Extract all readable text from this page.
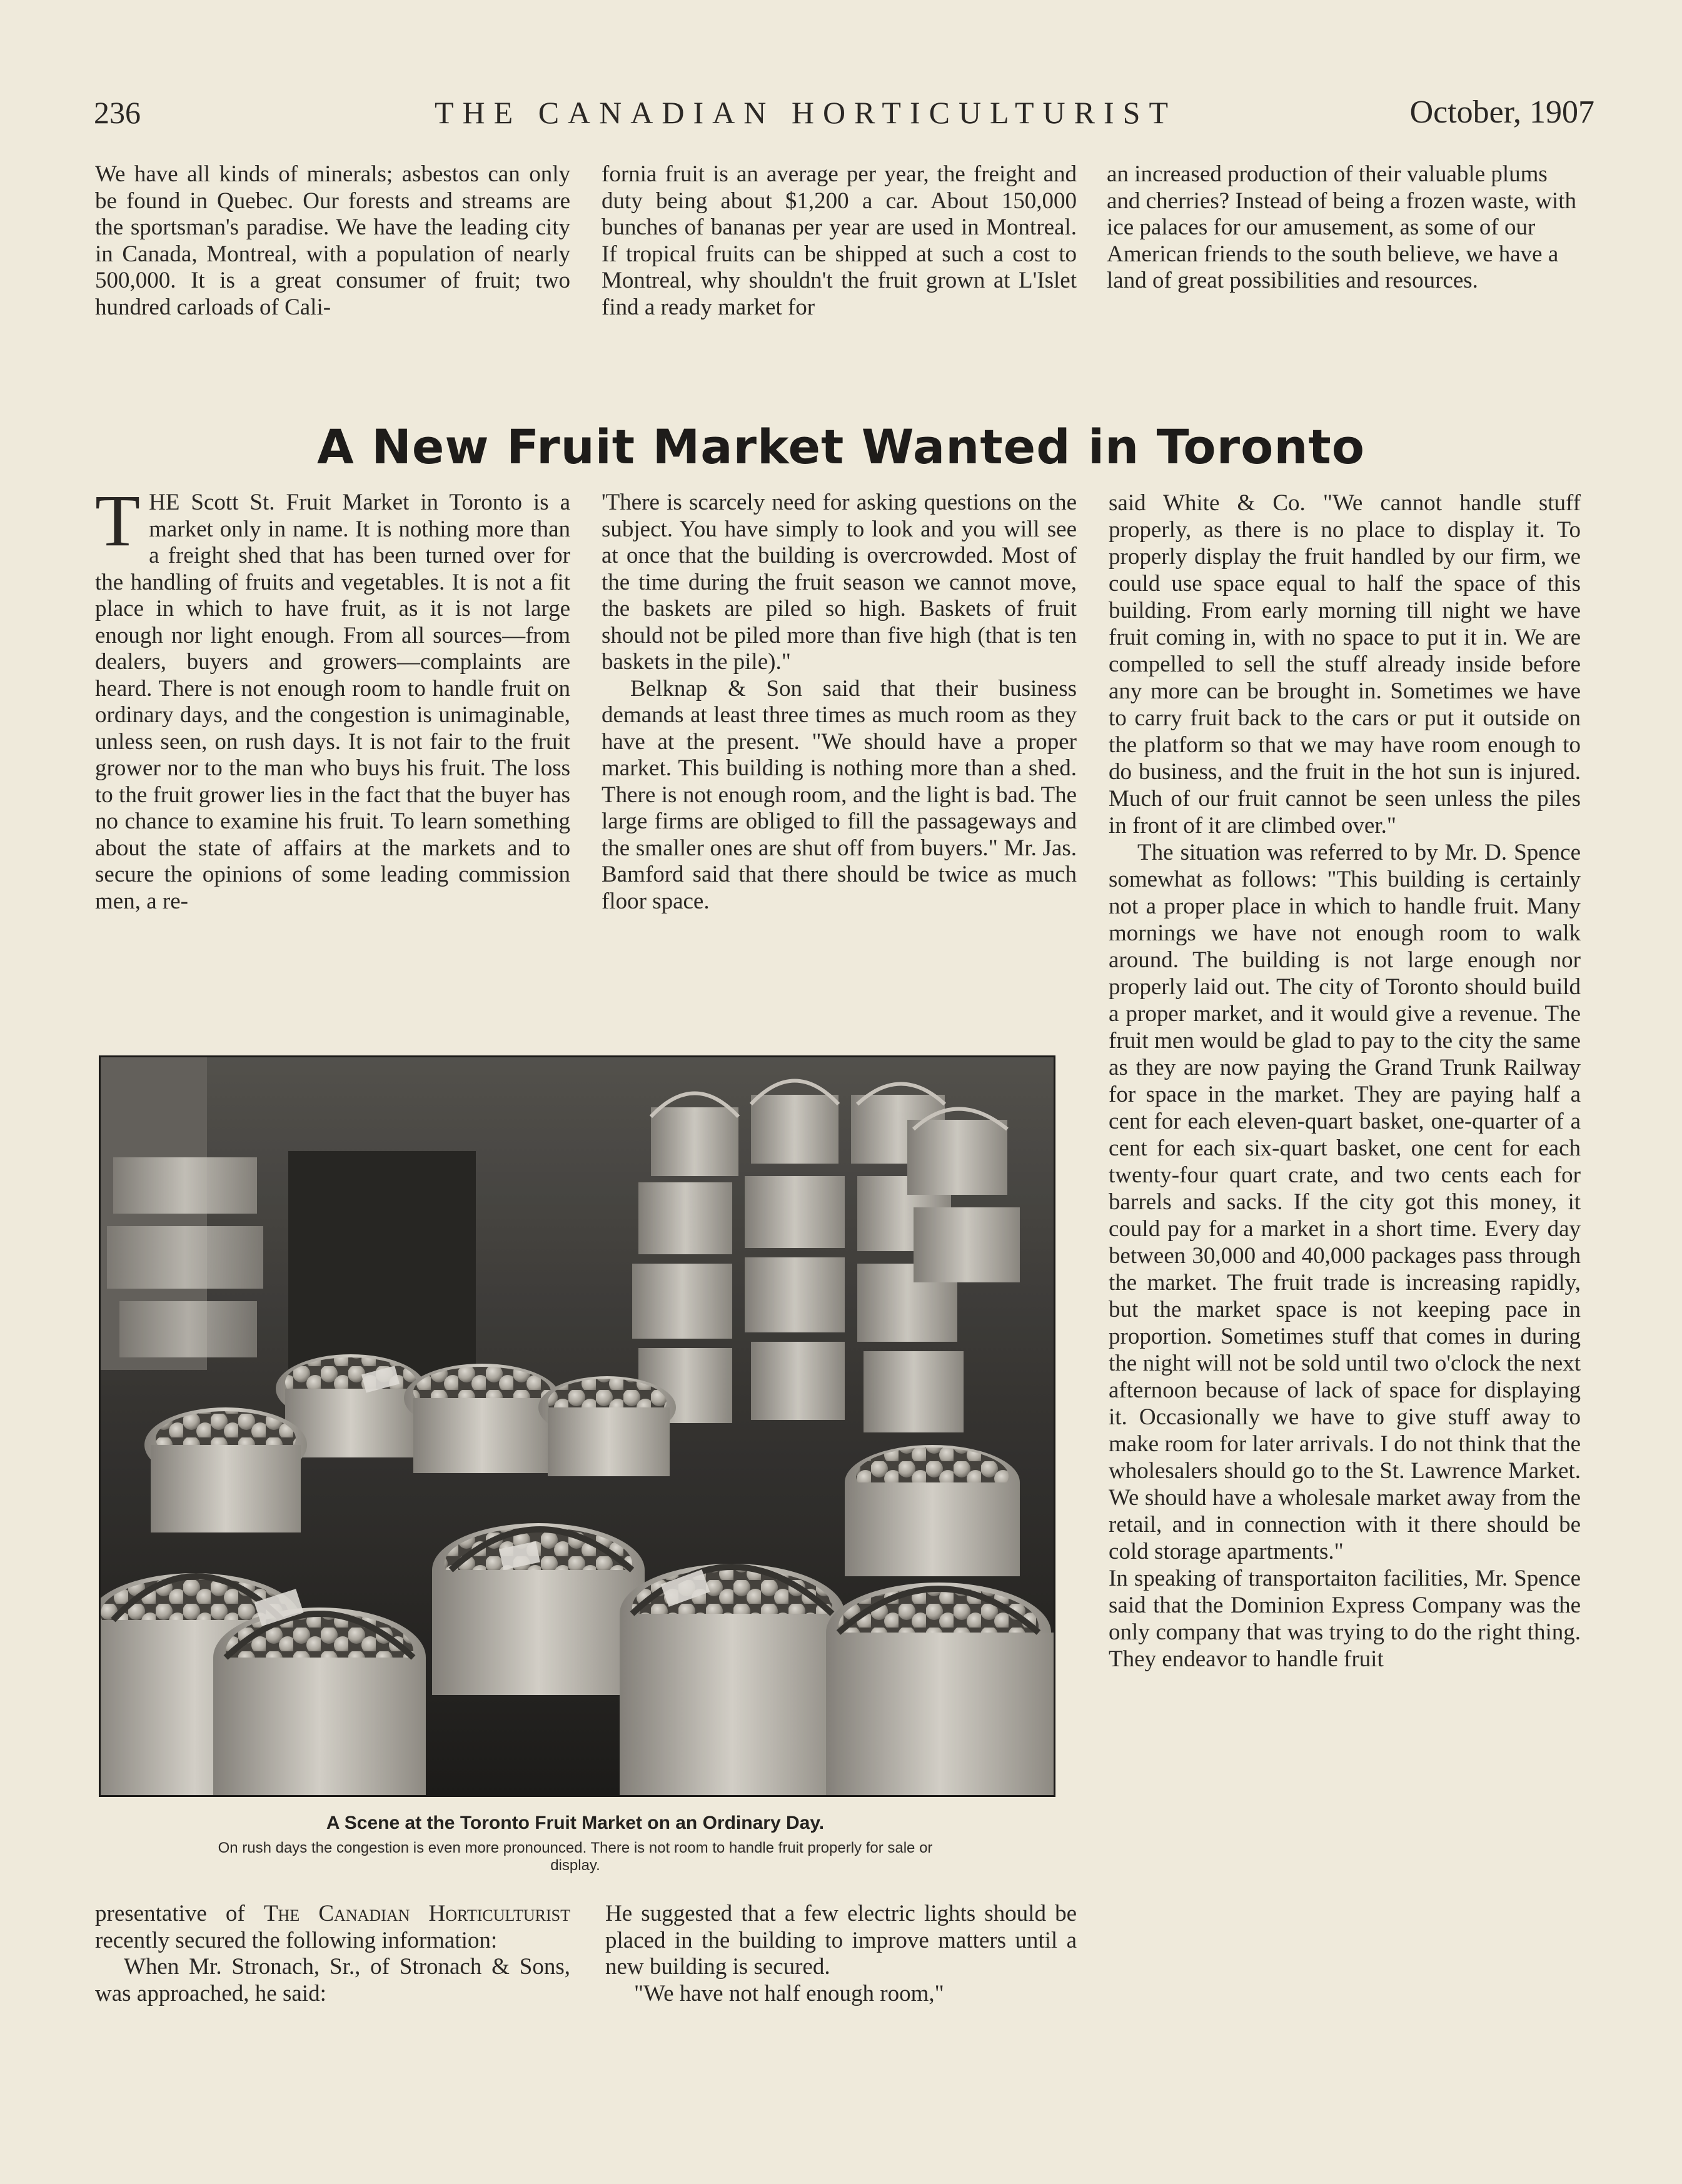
236	THE CANADIAN HORTICULTURIST	October, 1907

We have all kinds of minerals; asbestos can only be found in Quebec. Our forests and streams are the sportsman's paradise. We have the leading city in Canada, Montreal, with a population of nearly 500,000. It is a great consumer of fruit; two hundred carloads of Cali-

fornia fruit is an average per year, the freight and duty being about $1,200 a car. About 150,000 bunches of bananas per year are used in Montreal. If tropical fruits can be shipped at such a cost to Montreal, why shouldn't the fruit grown at L'Islet find a ready market for

an increased production of their valuable plums and cherries? Instead of being a frozen waste, with ice palaces for our amusement, as some of our American friends to the south believe, we have a land of great possibilities and resources.

A New Fruit Market Wanted in Toronto

THE Scott St. Fruit Market in Toronto is a market only in name. It is nothing more than a freight shed that has been turned over for the handling of fruits and vegetables. It is not a fit place in which to have fruit, as it is not large enough nor light enough. From all sources—from dealers, buyers and growers—complaints are heard. There is not enough room to handle fruit on ordinary days, and the congestion is unimaginable, unless seen, on rush days. It is not fair to the fruit grower nor to the man who buys his fruit. The loss to the fruit grower lies in the fact that the buyer has no chance to examine his fruit. To learn something about the state of affairs at the markets and to secure the opinions of some leading commission men, a re-

'There is scarcely need for asking questions on the subject. You have simply to look and you will see at once that the building is overcrowded. Most of the time during the fruit season we cannot move, the baskets are piled so high. Baskets of fruit should not be piled more than five high (that is ten baskets in the pile)."

Belknap & Son said that their business demands at least three times as much room as they have at the present. "We should have a proper market. This building is nothing more than a shed. There is not enough room, and the light is bad. The large firms are obliged to fill the passageways and the smaller ones are shut off from buyers." Mr. Jas. Bamford said that there should be twice as much floor space.

said White & Co. "We cannot handle stuff properly, as there is no place to display it. To properly display the fruit handled by our firm, we could use space equal to half the space of this building. From early morning till night we have fruit coming in, with no space to put it in. We are compelled to sell the stuff already inside before any more can be brought in. Sometimes we have to carry fruit back to the cars or put it outside on the platform so that we may have room enough to do business, and the fruit in the hot sun is injured. Much of our fruit cannot be seen unless the piles in front of it are climbed over."

The situation was referred to by Mr. D. Spence somewhat as follows: "This building is certainly not a proper place in which to handle fruit. Many mornings we have not enough room to walk around. The building is not large enough nor properly laid out. The city of Toronto should build a proper market, and it would give a revenue. The fruit men would be glad to pay to the city the same as they are now paying the Grand Trunk Railway for space in the market. They are paying half a cent for each eleven-quart basket, one-quarter of a cent for each six-quart basket, one cent for each twenty-four quart crate, and two cents each for barrels and sacks. If the city got this money, it could pay for a market in a short time. Every day between 30,000 and 40,000 packages pass through the market. The fruit trade is increasing rapidly, but the market space is not keeping pace in proportion. Sometimes stuff that comes in during the night will not be sold until two o'clock the next afternoon because of lack of space for displaying it. Occasionally we have to give stuff away to make room for later arrivals. I do not think that the wholesalers should go to the St. Lawrence Market. We should have a wholesale market away from the retail, and in connection with it there should be cold storage apartments."

In speaking of transportaiton facilities, Mr. Spence said that the Dominion Express Company was the only company that was trying to do the right thing. They endeavor to handle fruit

A Scene at the Toronto Fruit Market on an Ordinary Day.
On rush days the congestion is even more pronounced. There is not room to handle fruit properly for sale or display.

presentative of The Canadian Horticulturist recently secured the following information:

When Mr. Stronach, Sr., of Stronach & Sons, was approached, he said:

He suggested that a few electric lights should be placed in the building to improve matters until a new building is secured.

"We have not half enough room,"
